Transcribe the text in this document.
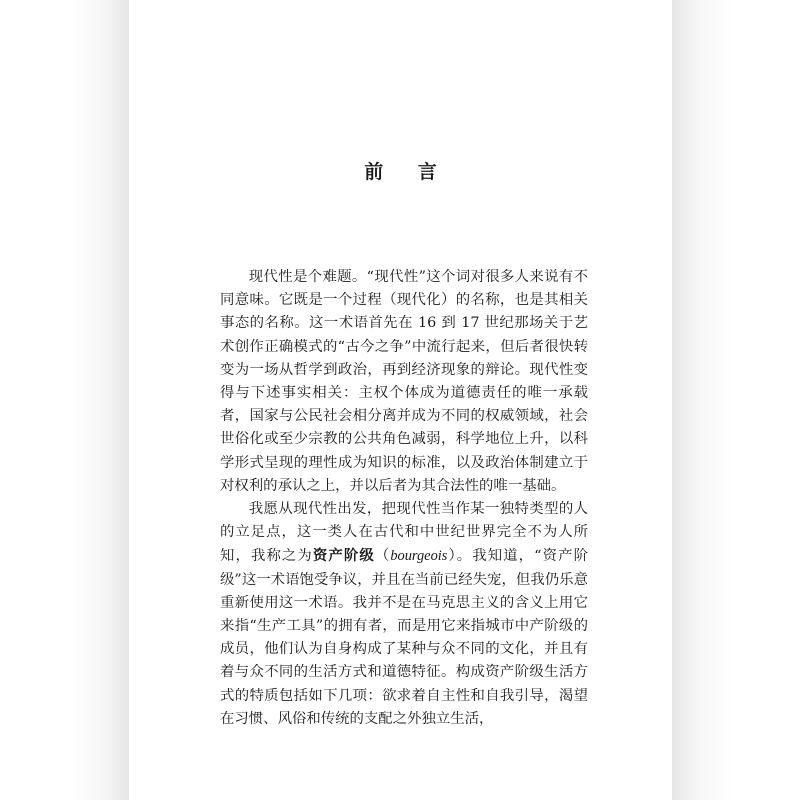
前 言

现代性是个难题。“现代性”这个词对很多人来说有不同意味。它既是一个过程（现代化）的名称，也是其相关事态的名称。这一术语首先在 16 到 17 世纪那场关于艺术创作正确模式的“古今之争”中流行起来，但后者很快转变为一场从哲学到政治，再到经济现象的辩论。现代性变得与下述事实相关：主权个体成为道德责任的唯一承载者，国家与公民社会相分离并成为不同的权威领域，社会世俗化或至少宗教的公共角色减弱，科学地位上升，以科学形式呈现的理性成为知识的标准，以及政治体制建立于对权利的承认之上，并以后者为其合法性的唯一基础。

我愿从现代性出发，把现代性当作某一独特类型的人的立足点，这一类人在古代和中世纪世界完全不为人所知，我称之为资产阶级（bourgeois）。我知道，“资产阶级”这一术语饱受争议，并且在当前已经失宠，但我仍乐意重新使用这一术语。我并不是在马克思主义的含义上用它来指“生产工具”的拥有者，而是用它来指城市中产阶级的成员，他们认为自身构成了某种与众不同的文化，并且有着与众不同的生活方式和道德特征。构成资产阶级生活方式的特质包括如下几项：欲求着自主性和自我引导，渴望在习惯、风俗和传统的支配之外独立生活，
